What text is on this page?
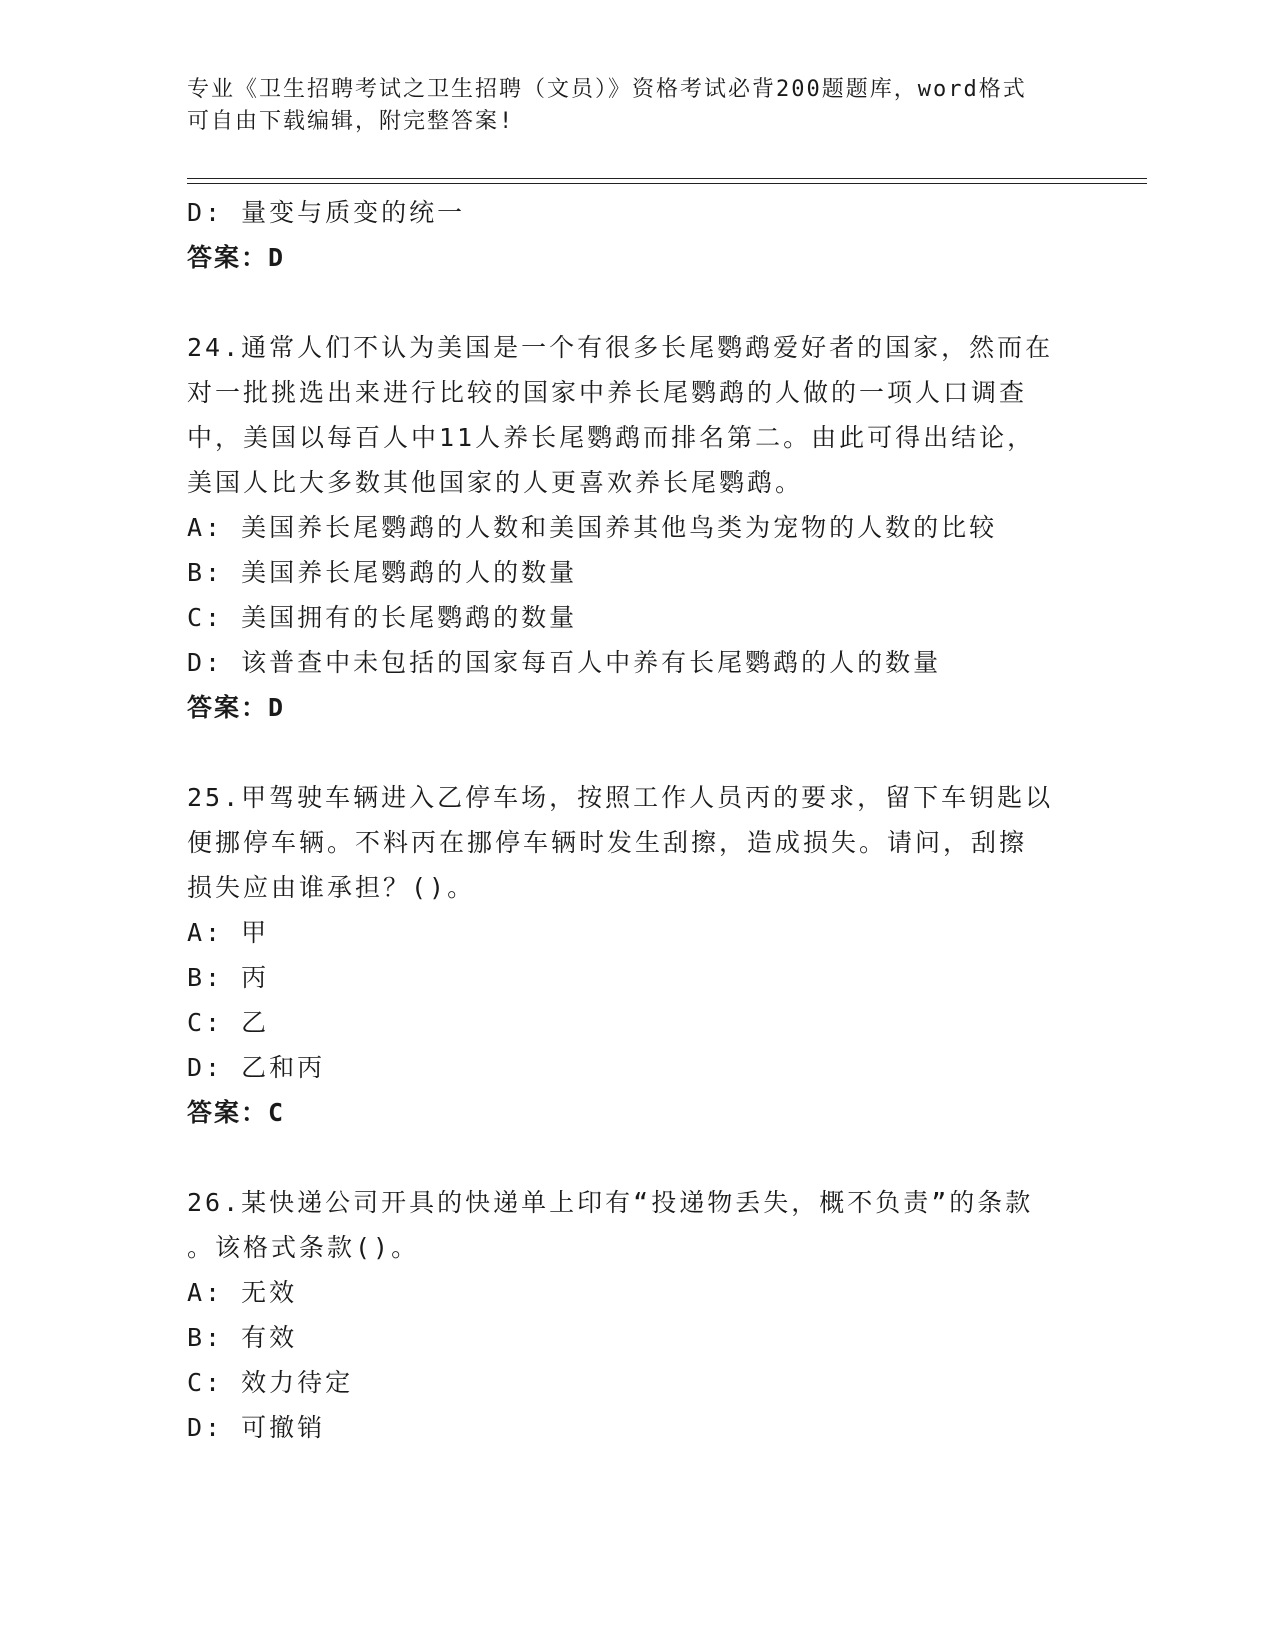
专业《卫生招聘考试之卫生招聘（文员）》资格考试必背200题题库，word格式
可自由下载编辑，附完整答案!
D: 量变与质变的统一
答案：D
24.通常人们不认为美国是一个有很多长尾鹦鹉爱好者的国家，然而在
对一批挑选出来进行比较的国家中养长尾鹦鹉的人做的一项人口调查
中，美国以每百人中11人养长尾鹦鹉而排名第二。由此可得出结论，
美国人比大多数其他国家的人更喜欢养长尾鹦鹉。
A: 美国养长尾鹦鹉的人数和美国养其他鸟类为宠物的人数的比较
B: 美国养长尾鹦鹉的人的数量
C: 美国拥有的长尾鹦鹉的数量
D: 该普查中未包括的国家每百人中养有长尾鹦鹉的人的数量
答案：D
25.甲驾驶车辆进入乙停车场，按照工作人员丙的要求，留下车钥匙以
便挪停车辆。不料丙在挪停车辆时发生刮擦，造成损失。请问，刮擦
损失应由谁承担？()。
A: 甲
B: 丙
C: 乙
D: 乙和丙
答案：C
26.某快递公司开具的快递单上印有“投递物丢失，概不负责”的条款
。该格式条款()。
A: 无效
B: 有效
C: 效力待定
D: 可撤销
